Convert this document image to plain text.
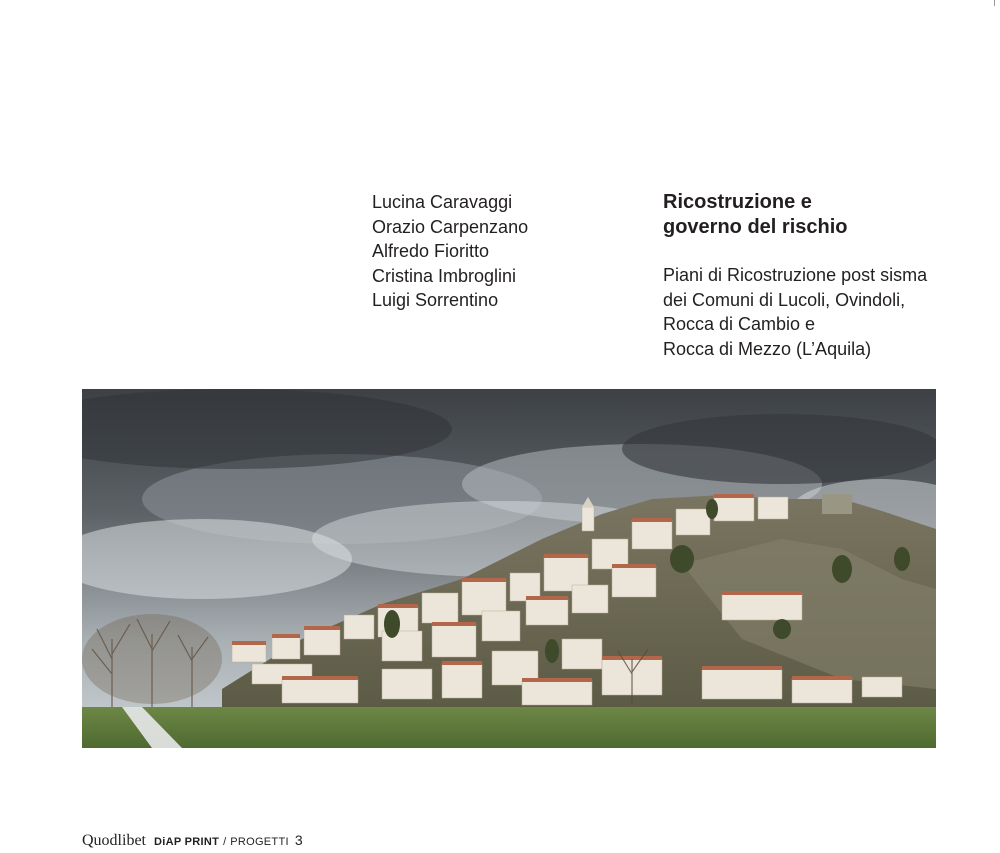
Lucina Caravaggi
Orazio Carpenzano
Alfredo Fioritto
Cristina Imbroglini
Luigi Sorrentino
Ricostruzione e
governo del rischio
Piani di Ricostruzione post sisma
dei Comuni di Lucoli, Ovindoli,
Rocca di Cambio e
Rocca di Mezzo (L’Aquila)
Quodlibet DiAP PRINT / PROGETTI 3
